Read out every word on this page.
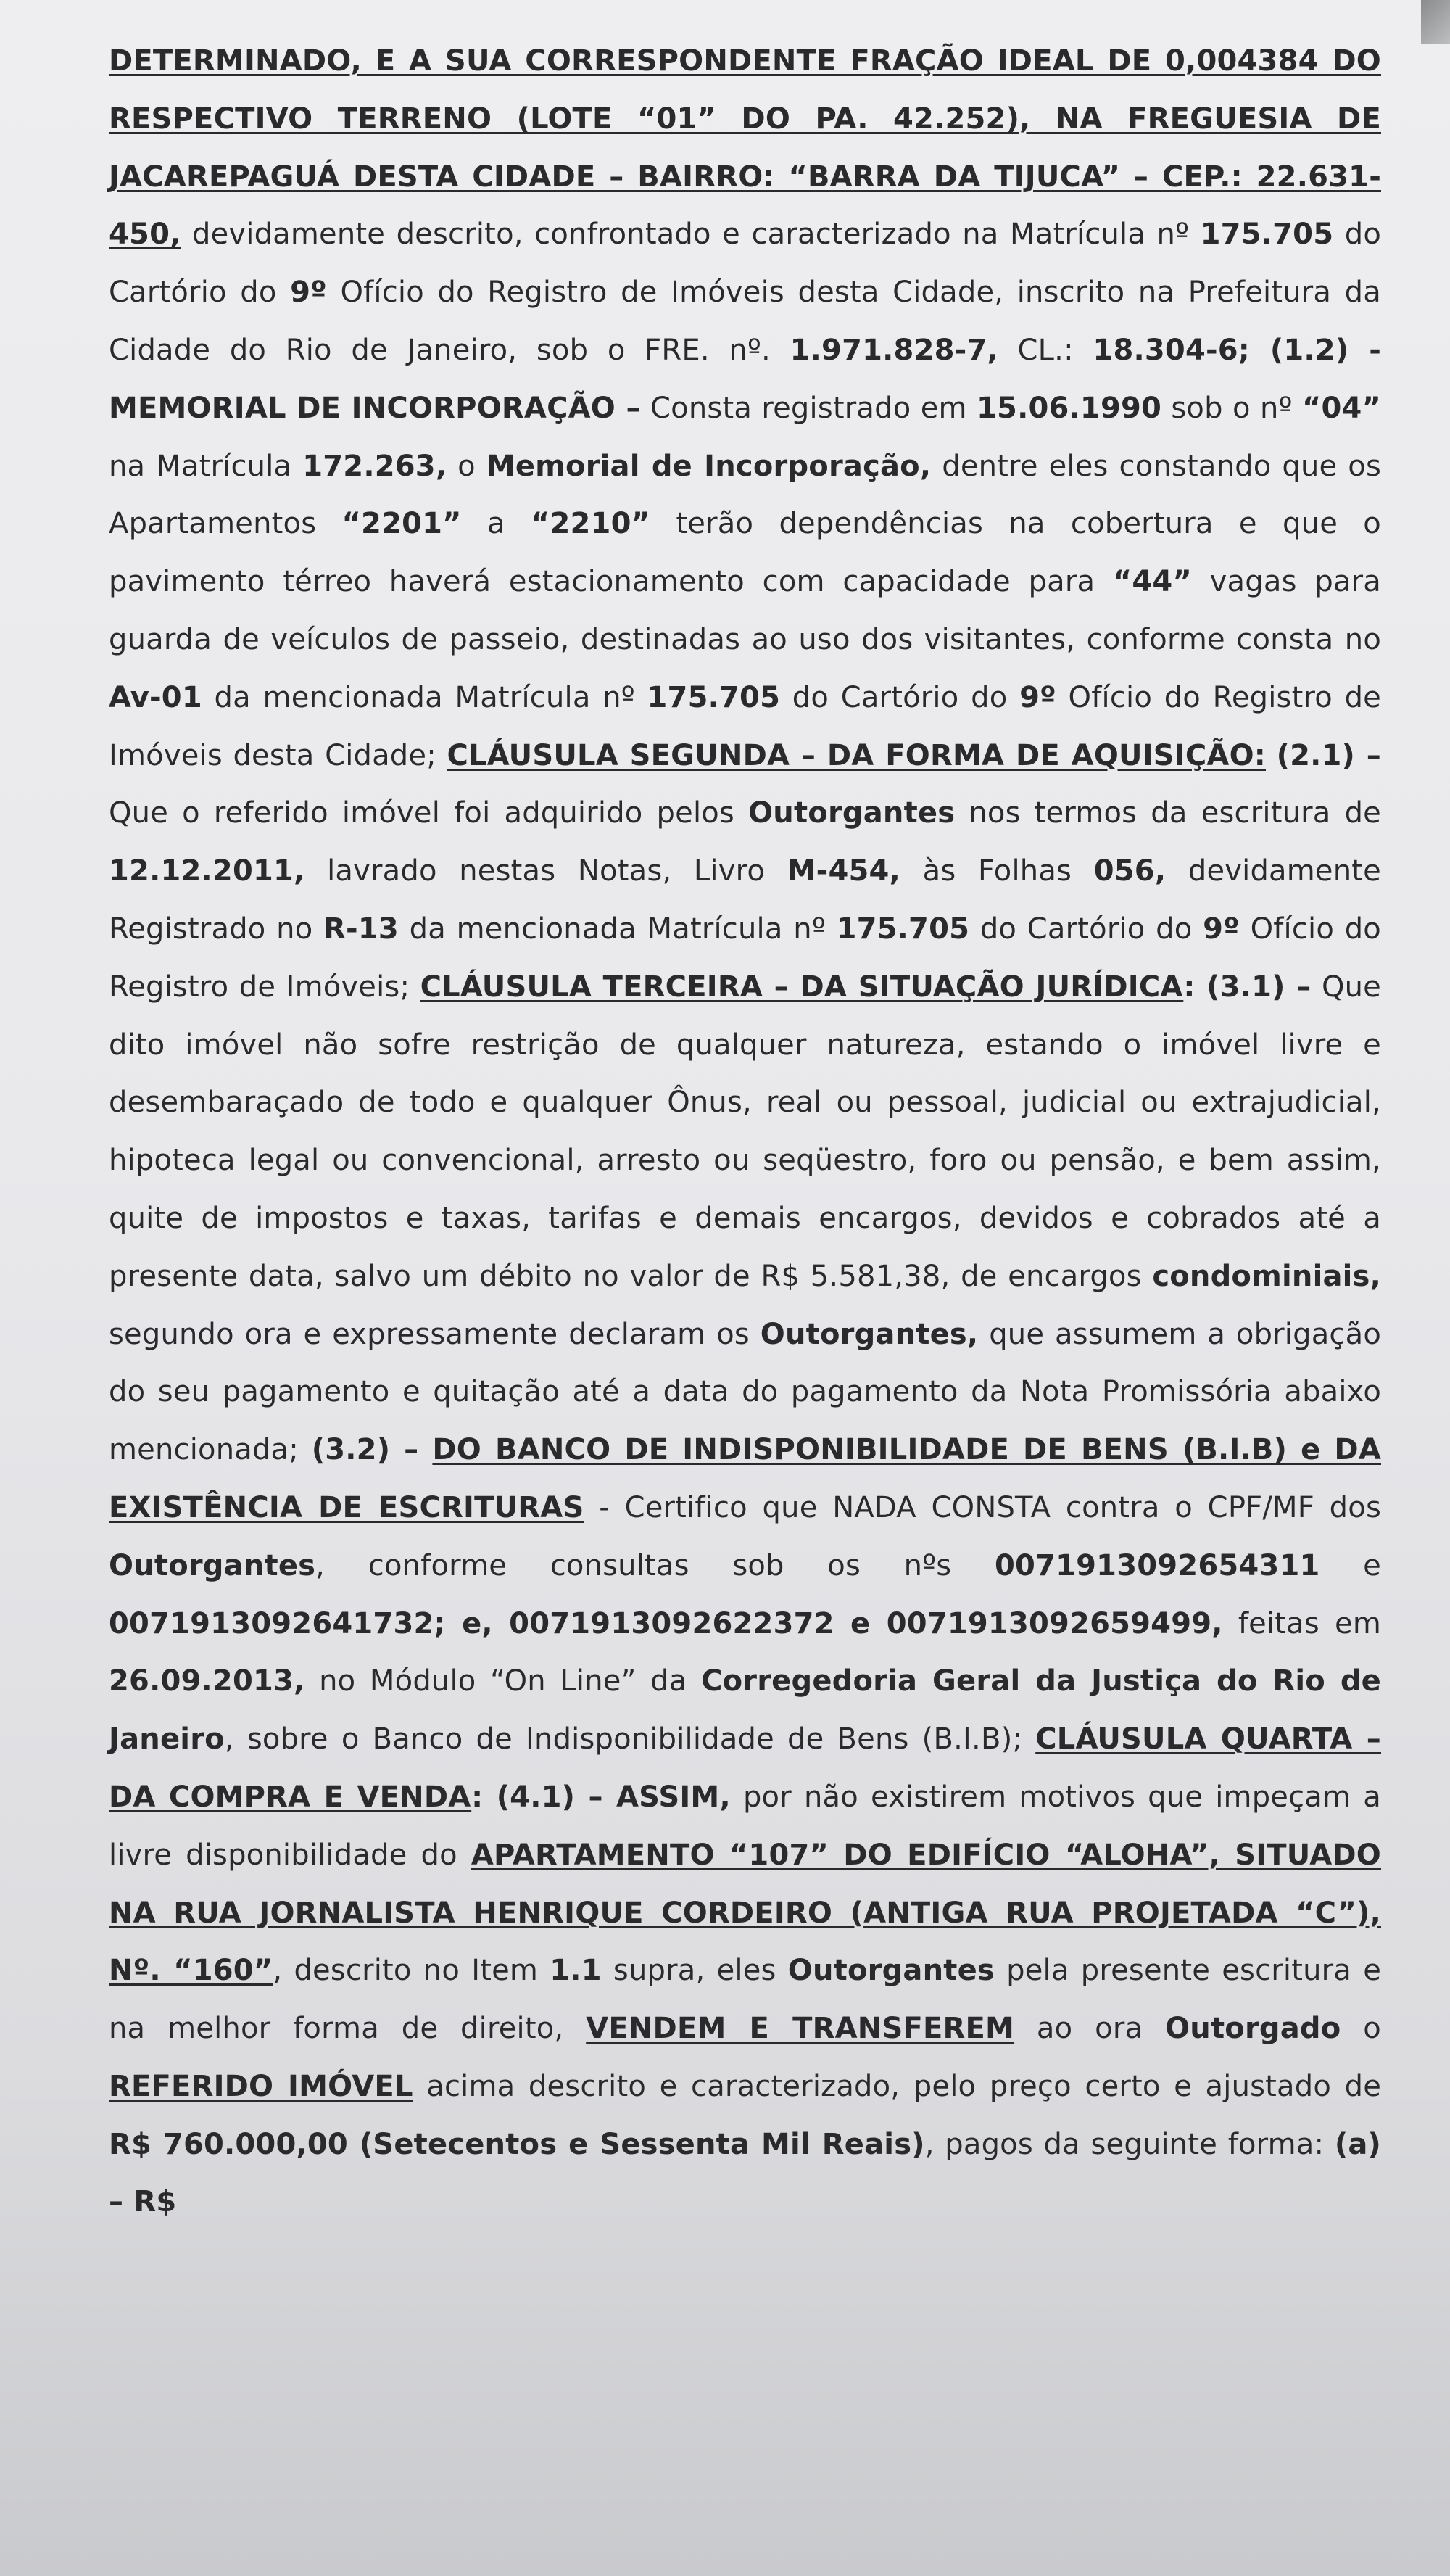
DETERMINADO, E A SUA CORRESPONDENTE FRAÇÃO IDEAL DE 0,004384 DO RESPECTIVO TERRENO (LOTE “01” DO PA. 42.252), NA FREGUESIA DE JACAREPAGUÁ DESTA CIDADE – BAIRRO: “BARRA DA TIJUCA” – CEP.: 22.631-450, devidamente descrito, confrontado e caracterizado na Matrícula nº 175.705 do Cartório do 9º Ofício do Registro de Imóveis desta Cidade, inscrito na Prefeitura da Cidade do Rio de Janeiro, sob o FRE. nº. 1.971.828-7, CL.: 18.304-6; (1.2) - MEMORIAL DE INCORPORAÇÃO – Consta registrado em 15.06.1990 sob o nº “04” na Matrícula 172.263, o Memorial de Incorporação, dentre eles constando que os Apartamentos “2201” a “2210” terão dependências na cobertura e que o pavimento térreo haverá estacionamento com capacidade para “44” vagas para guarda de veículos de passeio, destinadas ao uso dos visitantes, conforme consta no Av-01 da mencionada Matrícula nº 175.705 do Cartório do 9º Ofício do Registro de Imóveis desta Cidade; CLÁUSULA SEGUNDA – DA FORMA DE AQUISIÇÃO: (2.1) – Que o referido imóvel foi adquirido pelos Outorgantes nos termos da escritura de 12.12.2011, lavrado nestas Notas, Livro M-454, às Folhas 056, devidamente Registrado no R-13 da mencionada Matrícula nº 175.705 do Cartório do 9º Ofício do Registro de Imóveis; CLÁUSULA TERCEIRA – DA SITUAÇÃO JURÍDICA: (3.1) – Que dito imóvel não sofre restrição de qualquer natureza, estando o imóvel livre e desembaraçado de todo e qualquer Ônus, real ou pessoal, judicial ou extrajudicial, hipoteca legal ou convencional, arresto ou seqüestro, foro ou pensão, e bem assim, quite de impostos e taxas, tarifas e demais encargos, devidos e cobrados até a presente data, salvo um débito no valor de R$ 5.581,38, de encargos condominiais, segundo ora e expressamente declaram os Outorgantes, que assumem a obrigação do seu pagamento e quitação até a data do pagamento da Nota Promissória abaixo mencionada; (3.2) – DO BANCO DE INDISPONIBILIDADE DE BENS (B.I.B) e DA EXISTÊNCIA DE ESCRITURAS - Certifico que NADA CONSTA contra o CPF/MF dos Outorgantes, conforme consultas sob os nºs 0071913092654311 e 0071913092641732; e, 0071913092622372 e 0071913092659499, feitas em 26.09.2013, no Módulo “On Line” da Corregedoria Geral da Justiça do Rio de Janeiro, sobre o Banco de Indisponibilidade de Bens (B.I.B); CLÁUSULA QUARTA – DA COMPRA E VENDA: (4.1) – ASSIM, por não existirem motivos que impeçam a livre disponibilidade do APARTAMENTO “107” DO EDIFÍCIO “ALOHA”, SITUADO NA RUA JORNALISTA HENRIQUE CORDEIRO (ANTIGA RUA PROJETADA “C”), Nº. “160”, descrito no Item 1.1 supra, eles Outorgantes pela presente escritura e na melhor forma de direito, VENDEM E TRANSFEREM ao ora Outorgado o REFERIDO IMÓVEL acima descrito e caracterizado, pelo preço certo e ajustado de R$ 760.000,00 (Setecentos e Sessenta Mil Reais), pagos da seguinte forma: (a) – R$
